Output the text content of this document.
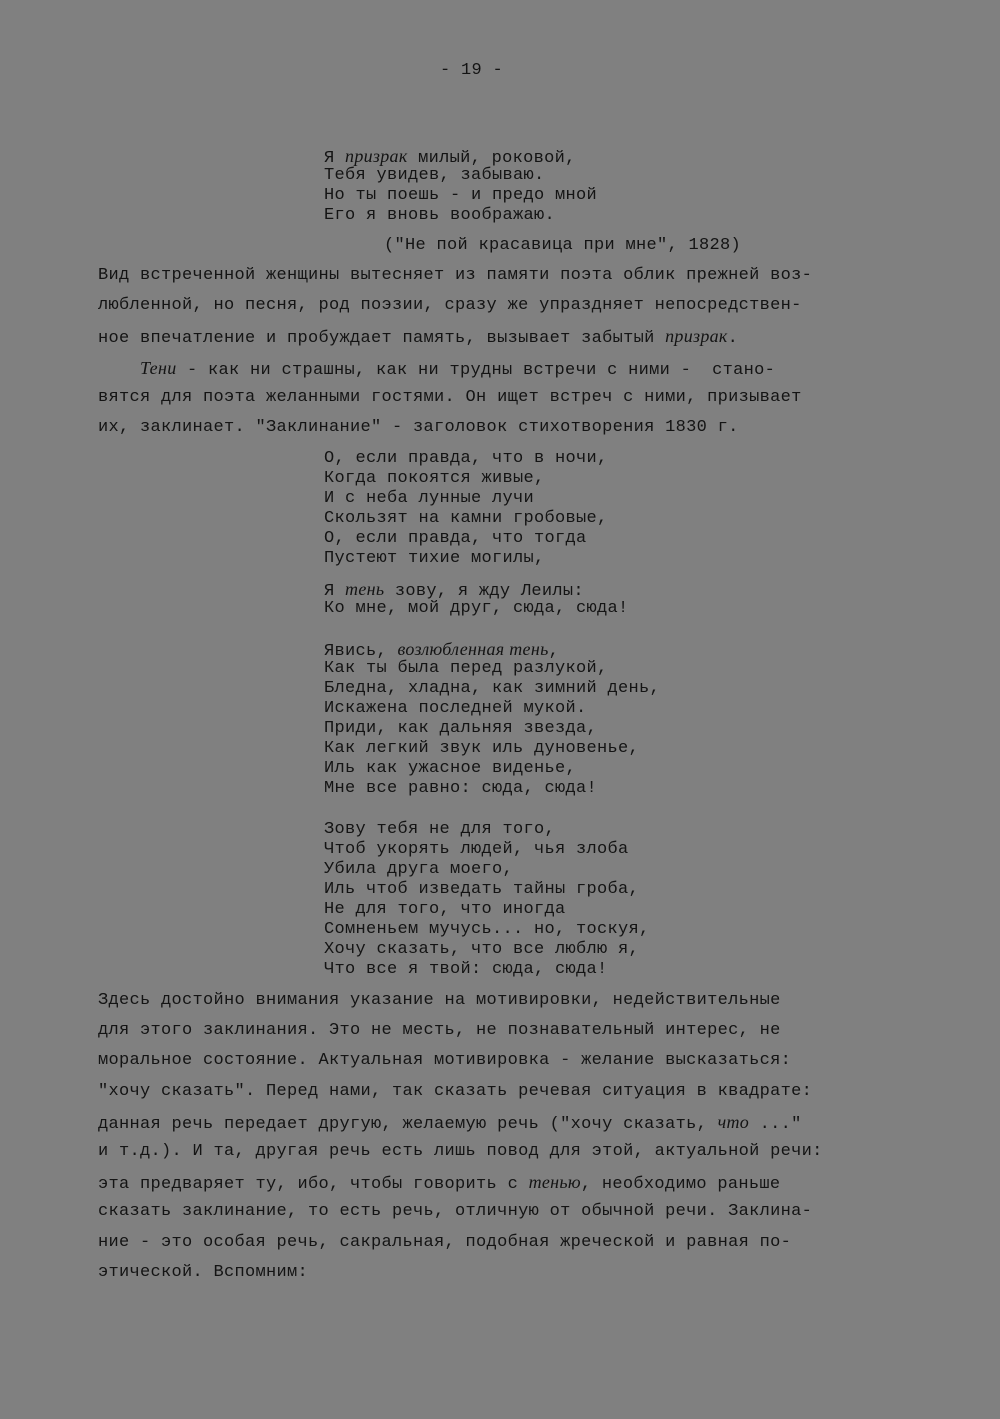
- 19 -
Я призрак милый, роковой,
Тебя увидев, забываю.
Но ты поешь - и предо мной
Его я вновь воображаю.
("Не пой красавица при мне", 1828)
Вид встреченной женщины вытесняет из памяти поэта облик прежней воз-
любленной, но песня, род поэзии, сразу же упраздняет непосредствен-
ное впечатление и пробуждает память, вызывает забытый призрак.
Тени - как ни страшны, как ни трудны встречи с ними -  стано-
вятся для поэта желанными гостями. Он ищет встреч с ними, призывает
их, заклинает. "Заклинание" - заголовок стихотворения 1830 г.
О, если правда, что в ночи,
Когда покоятся живые,
И с неба лунные лучи
Скользят на камни гробовые,
О, если правда, что тогда
Пустеют тихие могилы,
Я тень зову, я жду Леилы:
Ко мне, мой друг, сюда, сюда!
Явись, возлюбленная тень,
Как ты была перед разлукой,
Бледна, хладна, как зимний день,
Искажена последней мукой.
Приди, как дальняя звезда,
Как легкий звук иль дуновенье,
Иль как ужасное виденье,
Мне все равно: сюда, сюда!
Зову тебя не для того,
Чтоб укорять людей, чья злоба
Убила друга моего,
Иль чтоб изведать тайны гроба,
Не для того, что иногда
Сомненьем мучусь... но, тоскуя,
Хочу сказать, что все люблю я,
Что все я твой: сюда, сюда!
Здесь достойно внимания указание на мотивировки, недействительные
для этого заклинания. Это не месть, не познавательный интерес, не
моральное состояние. Актуальная мотивировка - желание высказаться:
"хочу сказать". Перед нами, так сказать речевая ситуация в квадрате:
данная речь передает другую, желаемую речь ("хочу сказать, что ..."
и т.д.). И та, другая речь есть лишь повод для этой, актуальной речи:
эта предваряет ту, ибо, чтобы говорить с тенью, необходимо раньше
сказать заклинание, то есть речь, отличную от обычной речи. Заклина-
ние - это особая речь, сакральная, подобная жреческой и равная по-
этической. Вспомним:
